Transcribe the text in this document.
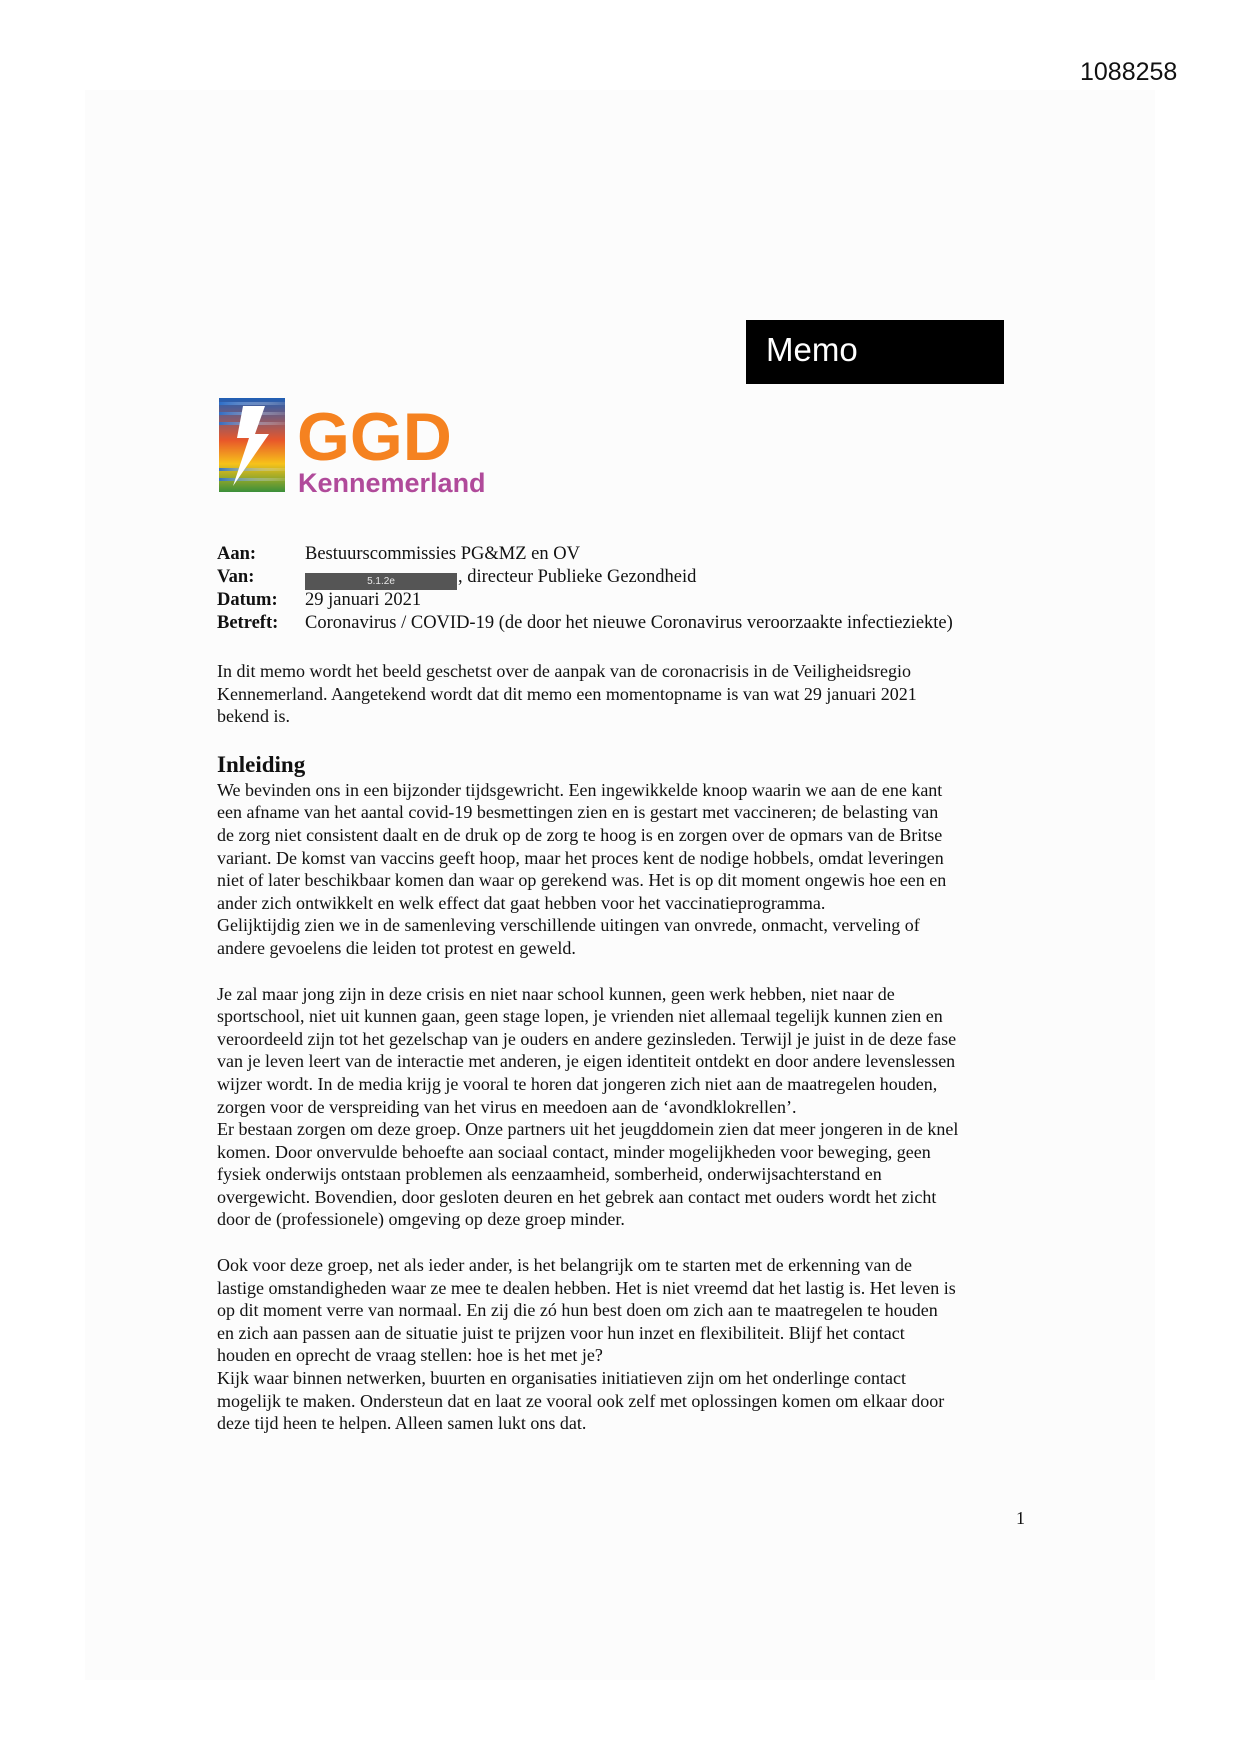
1088258
Memo
GGD
Kennemerland
Aan:	Bestuurscommissies PG&MZ en OV
Van:	5.1.2e , directeur Publieke Gezondheid
Datum:	29 januari 2021
Betreft:	Coronavirus / COVID-19 (de door het nieuwe Coronavirus veroorzaakte infectieziekte)

In dit memo wordt het beeld geschetst over de aanpak van de coronacrisis in de Veiligheidsregio
Kennemerland. Aangetekend wordt dat dit memo een momentopname is van wat 29 januari 2021
bekend is.

Inleiding

We bevinden ons in een bijzonder tijdsgewricht. Een ingewikkelde knoop waarin we aan de ene kant
een afname van het aantal covid-19 besmettingen zien en is gestart met vaccineren; de belasting van
de zorg niet consistent daalt en de druk op de zorg te hoog is en zorgen over de opmars van de Britse
variant. De komst van vaccins geeft hoop, maar het proces kent de nodige hobbels, omdat leveringen
niet of later beschikbaar komen dan waar op gerekend was. Het is op dit moment ongewis hoe een en
ander zich ontwikkelt en welk effect dat gaat hebben voor het vaccinatieprogramma.
Gelijktijdig zien we in de samenleving verschillende uitingen van onvrede, onmacht, verveling of
andere gevoelens die leiden tot protest en geweld.

Je zal maar jong zijn in deze crisis en niet naar school kunnen, geen werk hebben, niet naar de
sportschool, niet uit kunnen gaan, geen stage lopen, je vrienden niet allemaal tegelijk kunnen zien en
veroordeeld zijn tot het gezelschap van je ouders en andere gezinsleden. Terwijl je juist in de deze fase
van je leven leert van de interactie met anderen, je eigen identiteit ontdekt en door andere levenslessen
wijzer wordt. In de media krijg je vooral te horen dat jongeren zich niet aan de maatregelen houden,
zorgen voor de verspreiding van het virus en meedoen aan de ‘avondklokrellen’.
Er bestaan zorgen om deze groep. Onze partners uit het jeugddomein zien dat meer jongeren in de knel
komen. Door onvervulde behoefte aan sociaal contact, minder mogelijkheden voor beweging, geen
fysiek onderwijs ontstaan problemen als eenzaamheid, somberheid, onderwijsachterstand en
overgewicht. Bovendien, door gesloten deuren en het gebrek aan contact met ouders wordt het zicht
door de (professionele) omgeving op deze groep minder.

Ook voor deze groep, net als ieder ander, is het belangrijk om te starten met de erkenning van de
lastige omstandigheden waar ze mee te dealen hebben. Het is niet vreemd dat het lastig is. Het leven is
op dit moment verre van normaal. En zij die zó hun best doen om zich aan te maatregelen te houden
en zich aan passen aan de situatie juist te prijzen voor hun inzet en flexibiliteit. Blijf het contact
houden en oprecht de vraag stellen: hoe is het met je?
Kijk waar binnen netwerken, buurten en organisaties initiatieven zijn om het onderlinge contact
mogelijk te maken. Ondersteun dat en laat ze vooral ook zelf met oplossingen komen om elkaar door
deze tijd heen te helpen. Alleen samen lukt ons dat.

1
